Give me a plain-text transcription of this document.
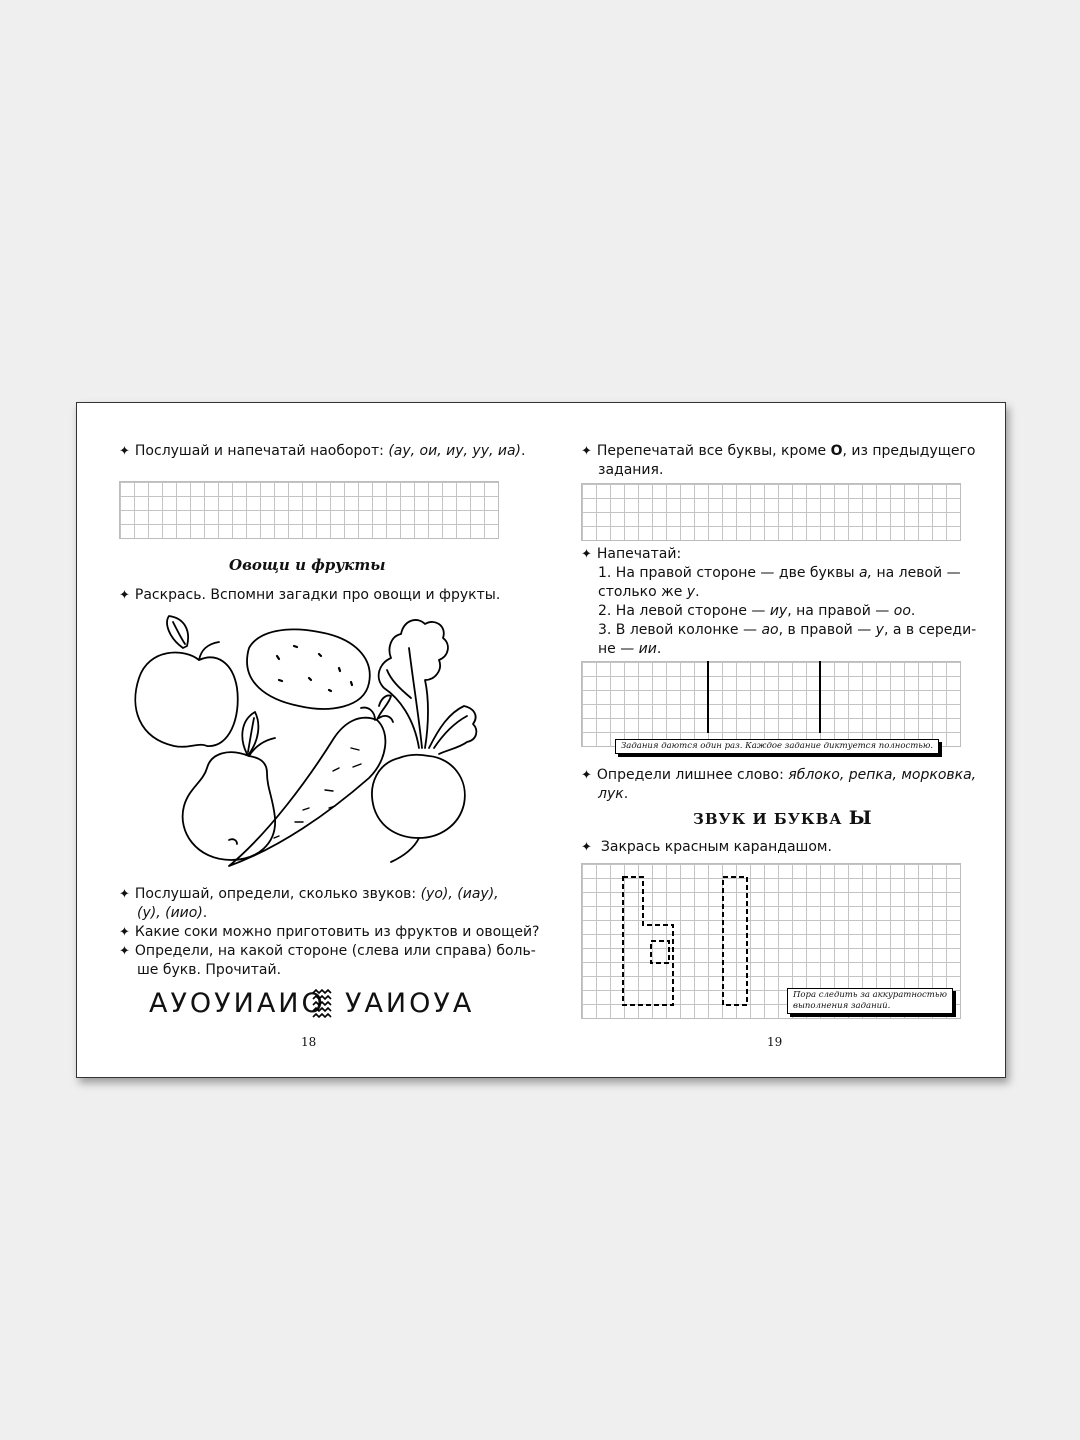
✦ Послушай и напечатай наоборот: (ау, ои, иу, уу, иа).
Овощи и фрукты
✦ Раскрась. Вспомни загадки про овощи и фрукты.
✦ Послушай, определи, сколько звуков: (уо), (иау),
(у), (иио).
✦ Какие соки можно приготовить из фруктов и овощей?
✦ Определи, на какой стороне (слева или справа) боль-
ше букв. Прочитай.
АУОУИАИО УАИОУА
18
✦ Перепечатай все буквы, кроме О, из предыдущего
задания.
✦ Напечатай:
1. На правой стороне — две буквы а, на левой —
столько же у.
2. На левой стороне — иу, на правой — оо.
3. В левой колонке — ао, в правой — у, а в середи-
не — ии.
Задания даются один раз. Каждое задание диктуется полностью.
✦ Определи лишнее слово: яблоко, репка, морковка,
лук.
ЗВУК И БУКВА Ы
✦ Закрась красным карандашом.
Пора следить за аккуратностью
выполнения заданий.
19
